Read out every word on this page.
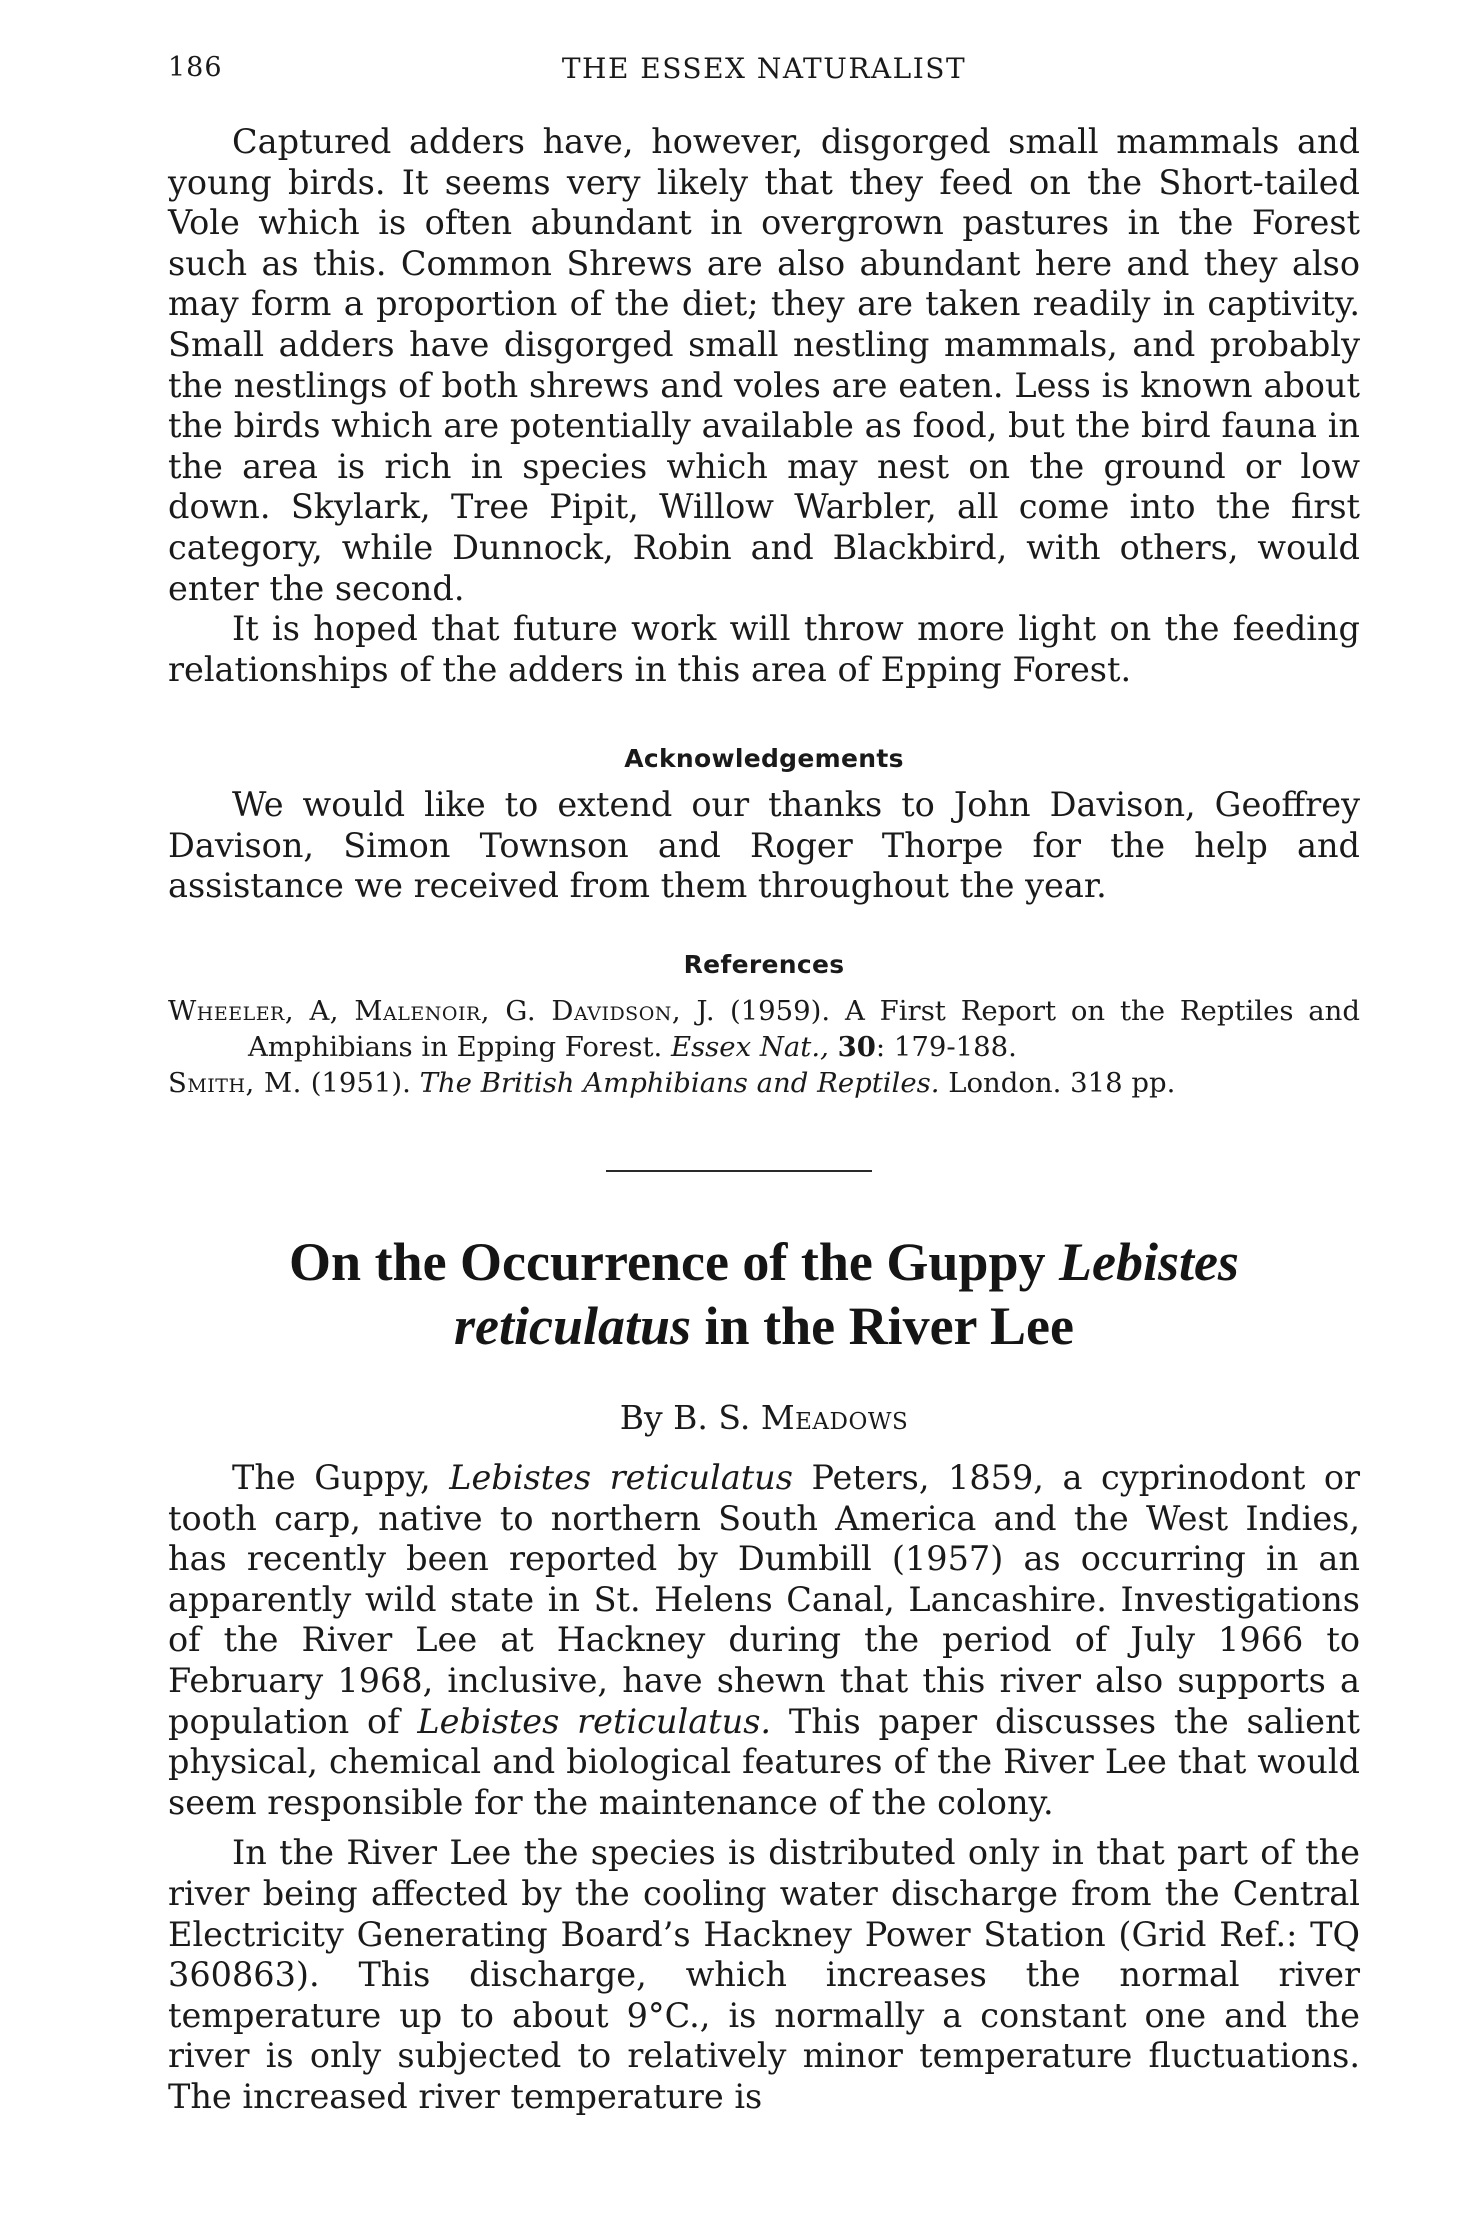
186	THE ESSEX NATURALIST

Captured adders have, however, disgorged small mammals and young birds. It seems very likely that they feed on the Short-tailed Vole which is often abundant in overgrown pastures in the Forest such as this. Common Shrews are also abundant here and they also may form a proportion of the diet; they are taken readily in captivity. Small adders have disgorged small nestling mammals, and probably the nestlings of both shrews and voles are eaten. Less is known about the birds which are potentially available as food, but the bird fauna in the area is rich in species which may nest on the ground or low down. Skylark, Tree Pipit, Willow Warbler, all come into the first category, while Dunnock, Robin and Blackbird, with others, would enter the second.

It is hoped that future work will throw more light on the feeding relationships of the adders in this area of Epping Forest.

Acknowledgements

We would like to extend our thanks to John Davison, Geoffrey Davison, Simon Townson and Roger Thorpe for the help and assistance we received from them throughout the year.

References

Wheeler, A, Malenoir, G. Davidson, J. (1959). A First Report on the Reptiles and Amphibians in Epping Forest. Essex Nat., 30: 179-188.

Smith, M. (1951). The British Amphibians and Reptiles. London. 318 pp.

On the Occurrence of the Guppy Lebistes
reticulatus in the River Lee

By B. S. Meadows

The Guppy, Lebistes reticulatus Peters, 1859, a cyprinodont or tooth carp, native to northern South America and the West Indies, has recently been reported by Dumbill (1957) as occurring in an apparently wild state in St. Helens Canal, Lancashire. Investigations of the River Lee at Hackney during the period of July 1966 to February 1968, inclusive, have shewn that this river also supports a population of Lebistes reticulatus. This paper discusses the salient physical, chemical and biological features of the River Lee that would seem responsible for the maintenance of the colony.

In the River Lee the species is distributed only in that part of the river being affected by the cooling water discharge from the Central Electricity Generating Board’s Hackney Power Station (Grid Ref.: TQ 360863). This discharge, which increases the normal river temperature up to about 9°C., is normally a constant one and the river is only subjected to relatively minor temperature fluctuations. The increased river temperature is
